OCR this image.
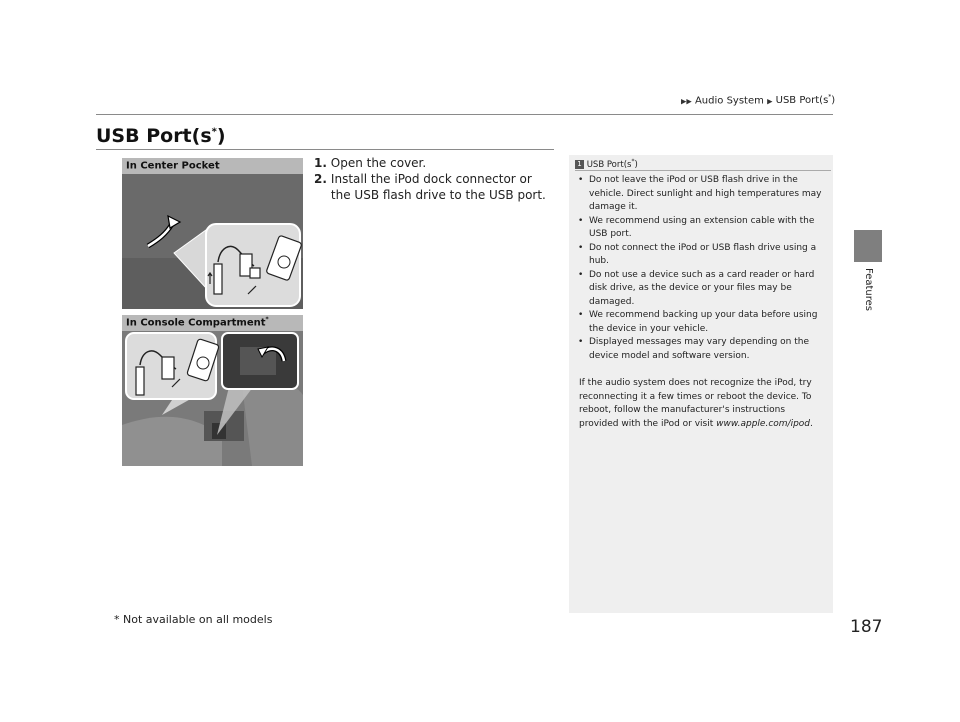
▶▶ Audio System ▶ USB Port(s*)
Features
USB Port(s*)
1. Open the cover.
2. Install the iPod dock connector or the USB flash drive to the USB port.
In Center Pocket
In Console Compartment*
1 USB Port(s*)
• Do not leave the iPod or USB flash drive in the vehicle. Direct sunlight and high temperatures may damage it.
• We recommend using an extension cable with the USB port.
• Do not connect the iPod or USB flash drive using a hub.
• Do not use a device such as a card reader or hard disk drive, as the device or your files may be damaged.
• We recommend backing up your data before using the device in your vehicle.
• Displayed messages may vary depending on the device model and software version.
If the audio system does not recognize the iPod, try reconnecting it a few times or reboot the device. To reboot, follow the manufacturer's instructions provided with the iPod or visit www.apple.com/ipod.
* Not available on all models	187
